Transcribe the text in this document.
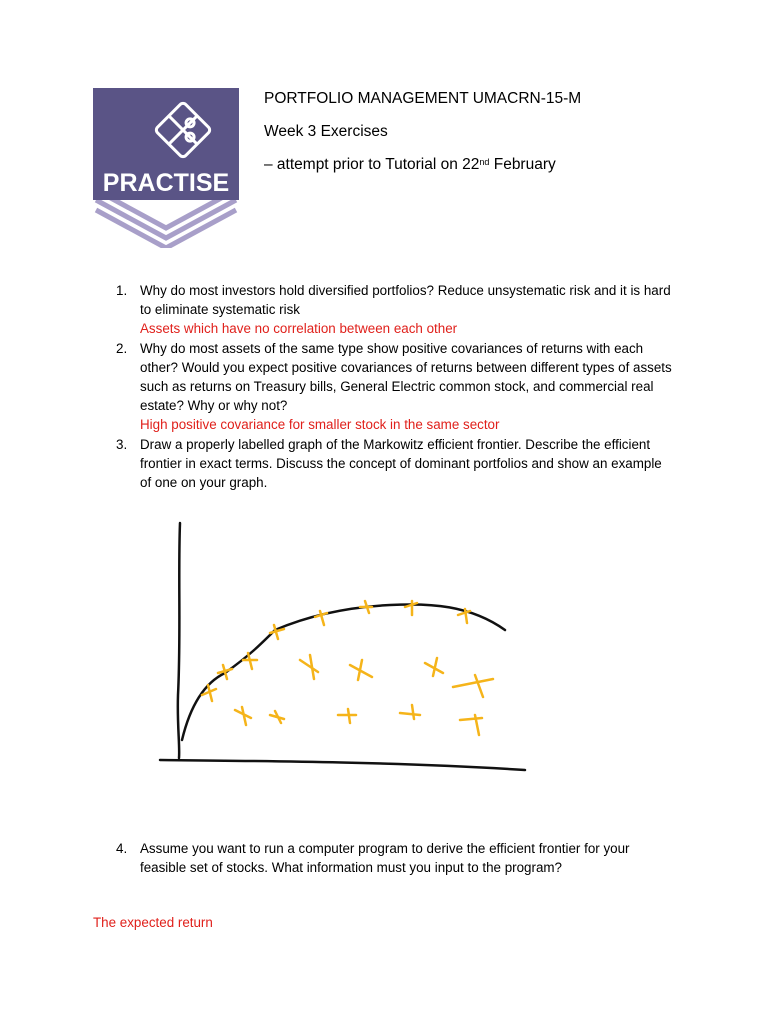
PRACTISE
PORTFOLIO MANAGEMENT UMACRN-15-M
Week 3 Exercises
– attempt prior to Tutorial on 22nd February
1. Why do most investors hold diversified portfolios? Reduce unsystematic risk and it is hard to eliminate systematic risk
Assets which have no correlation between each other
2. Why do most assets of the same type show positive covariances of returns with each other? Would you expect positive covariances of returns between different types of assets such as returns on Treasury bills, General Electric common stock, and commercial real estate? Why or why not?
High positive covariance for smaller stock in the same sector
3. Draw a properly labelled graph of the Markowitz efficient frontier. Describe the efficient frontier in exact terms. Discuss the concept of dominant portfolios and show an example of one on your graph.
4. Assume you want to run a computer program to derive the efficient frontier for your feasible set of stocks. What information must you input to the program?
The expected return
